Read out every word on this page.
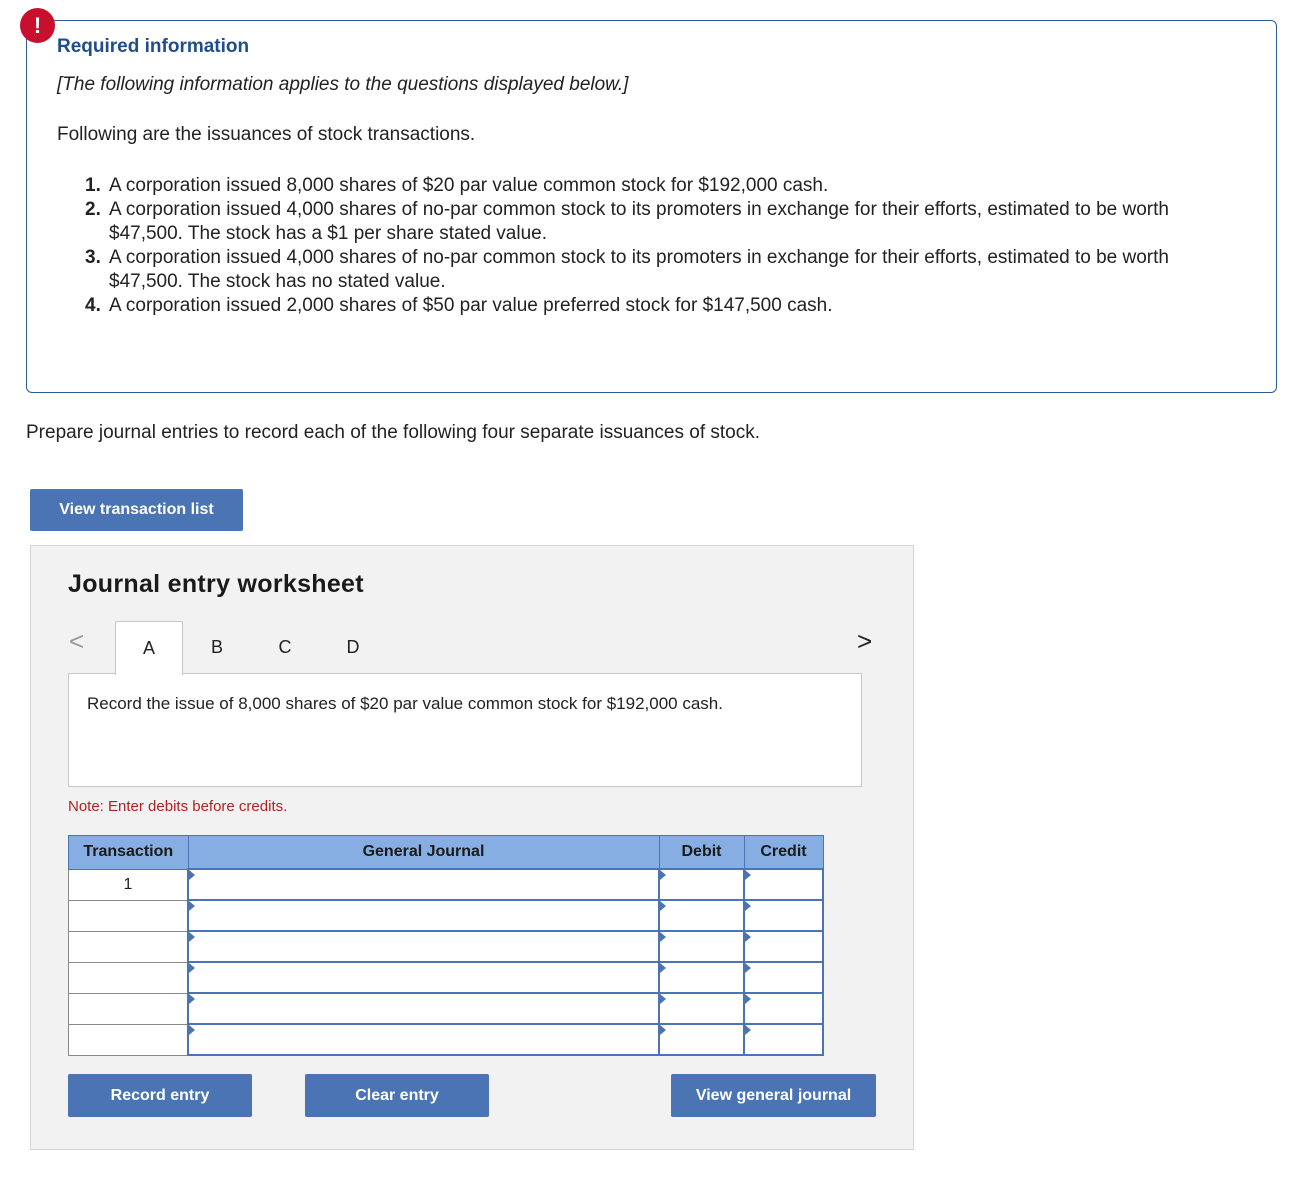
!
Required information
[The following information applies to the questions displayed below.]
Following are the issuances of stock transactions.
1. A corporation issued 8,000 shares of $20 par value common stock for $192,000 cash.
2. A corporation issued 4,000 shares of no-par common stock to its promoters in exchange for their efforts, estimated to be worth $47,500. The stock has a $1 per share stated value.
3. A corporation issued 4,000 shares of no-par common stock to its promoters in exchange for their efforts, estimated to be worth $47,500. The stock has no stated value.
4. A corporation issued 2,000 shares of $50 par value preferred stock for $147,500 cash.
Prepare journal entries to record each of the following four separate issuances of stock.
View transaction list
Journal entry worksheet
<	A	B	C	D	>
Record the issue of 8,000 shares of $20 par value common stock for $192,000 cash.
Note: Enter debits before credits.
Transaction	General Journal	Debit	Credit

1			

Record entry	Clear entry	View general journal
